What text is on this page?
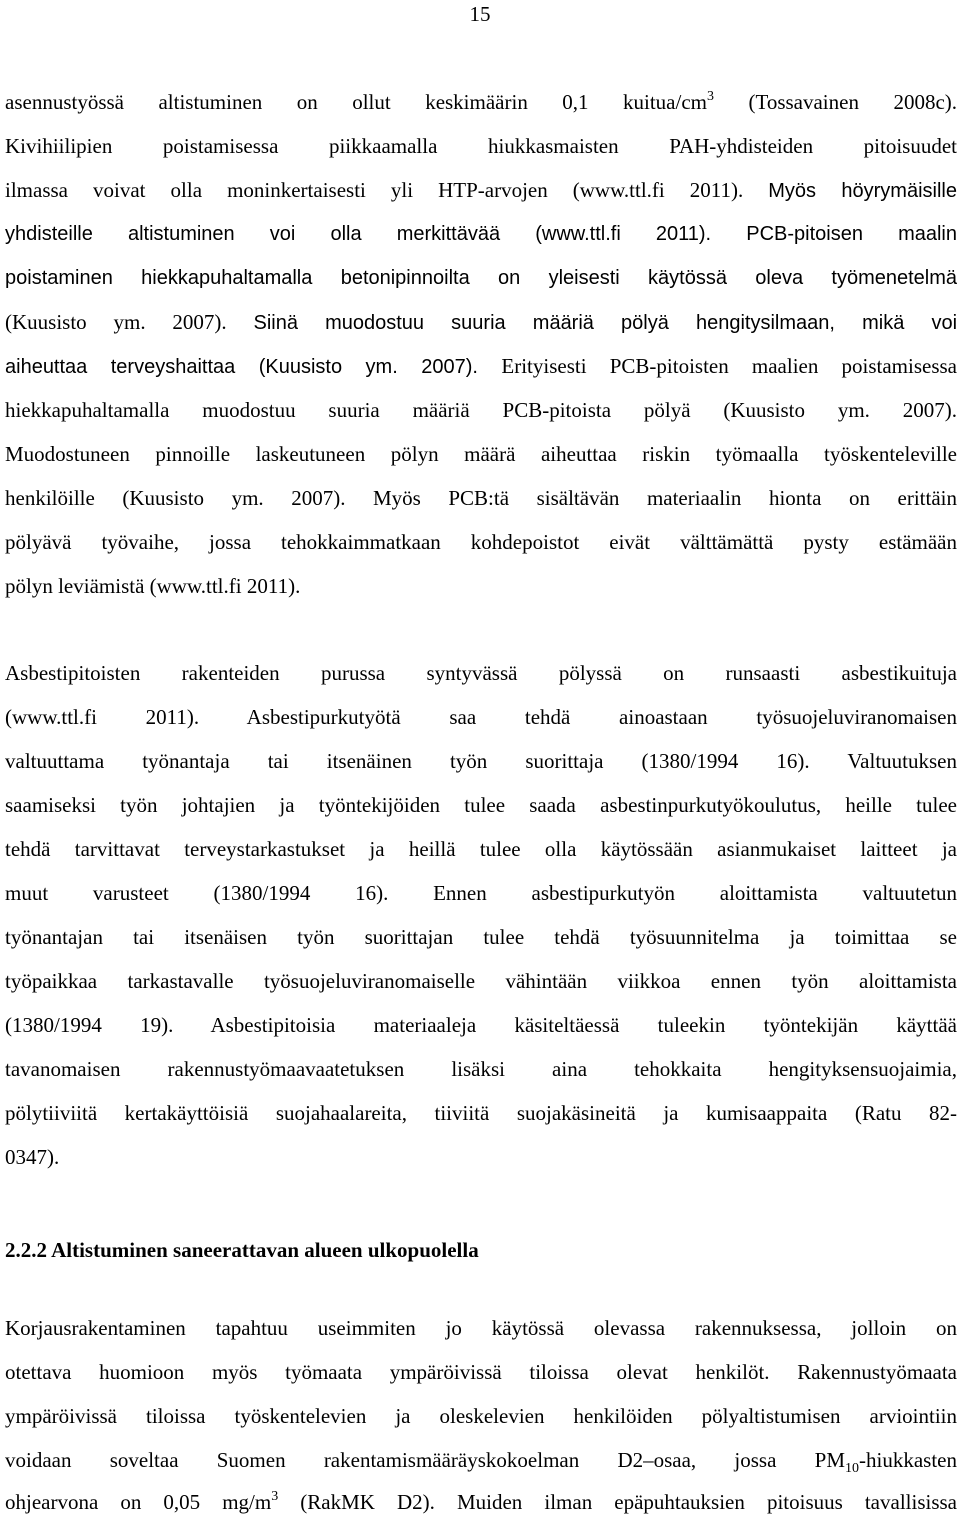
15
asennustyössä altistuminen on ollut keskimäärin 0,1 kuitua/$cm^3$ (Tossavainen 2008c).
Kivihiilipien poistamisessa piikkaamalla hiukkasmaisten PAH-yhdisteiden pitoisuudet
ilmassa voivat olla moninkertaisesti yli HTP-arvojen (www.ttl.fi 2011). Myös höyrymäisille
yhdisteille altistuminen voi olla merkittävää (www.ttl.fi 2011). PCB-pitoisen maalin
poistaminen hiekkapuhaltamalla betonipinnoilta on yleisesti käytössä oleva työmenetelmä
(Kuusisto ym. 2007). Siinä muodostuu suuria määriä pölyä hengitysilmaan, mikä voi
aiheuttaa terveyshaittaa (Kuusisto ym. 2007). Erityisesti PCB-pitoisten maalien poistamisessa
hiekkapuhaltamalla muodostuu suuria määriä PCB-pitoista pölyä (Kuusisto ym. 2007).
Muodostuneen pinnoille laskeutuneen pölyn määrä aiheuttaa riskin työmaalla työskenteleville
henkilöille (Kuusisto ym. 2007). Myös PCB:tä sisältävän materiaalin hionta on erittäin
pölyävä työvaihe, jossa tehokkaimmatkaan kohdepoistot eivät välttämättä pysty estämään
pölyn leviämistä (www.ttl.fi 2011).
Asbestipitoisten rakenteiden purussa syntyvässä pölyssä on runsaasti asbestikuituja
(www.ttl.fi 2011). Asbestipurkutyötä saa tehdä ainoastaan työsuojeluviranomaisen
valtuuttama työnantaja tai itsenäinen työn suorittaja (1380/1994 16). Valtuutuksen
saamiseksi työn johtajien ja työntekijöiden tulee saada asbestinpurkutyökoulutus, heille tulee
tehdä tarvittavat terveystarkastukset ja heillä tulee olla käytössään asianmukaiset laitteet ja
muut varusteet (1380/1994 16). Ennen asbestipurkutyön aloittamista valtuutetun
työnantajan tai itsenäisen työn suorittajan tulee tehdä työsuunnitelma ja toimittaa se
työpaikkaa tarkastavalle työsuojeluviranomaiselle vähintään viikkoa ennen työn aloittamista
(1380/1994 19). Asbestipitoisia materiaaleja käsiteltäessä tuleekin työntekijän käyttää
tavanomaisen rakennustyömaavaatetuksen lisäksi aina tehokkaita hengityksensuojaimia,
pölytiiviitä kertakäyttöisiä suojahaalareita, tiiviitä suojakäsineitä ja kumisaappaita (Ratu 82-
0347).
2.2.2 Altistuminen saneerattavan alueen ulkopuolella
Korjausrakentaminen tapahtuu useimmiten jo käytössä olevassa rakennuksessa, jolloin on
otettava huomioon myös työmaata ympäröivissä tiloissa olevat henkilöt. Rakennustyömaata
ympäröivissä tiloissa työskentelevien ja oleskelevien henkilöiden pölyaltistumisen arviointiin
voidaan soveltaa Suomen rakentamismääräyskokoelman D2–osaa, jossa $PM_{10}$-hiukkasten
ohjearvona on 0,05 $mg/m^3$ (RakMK D2). Muiden ilman epäpuhtauksien pitoisuus tavallisissa
